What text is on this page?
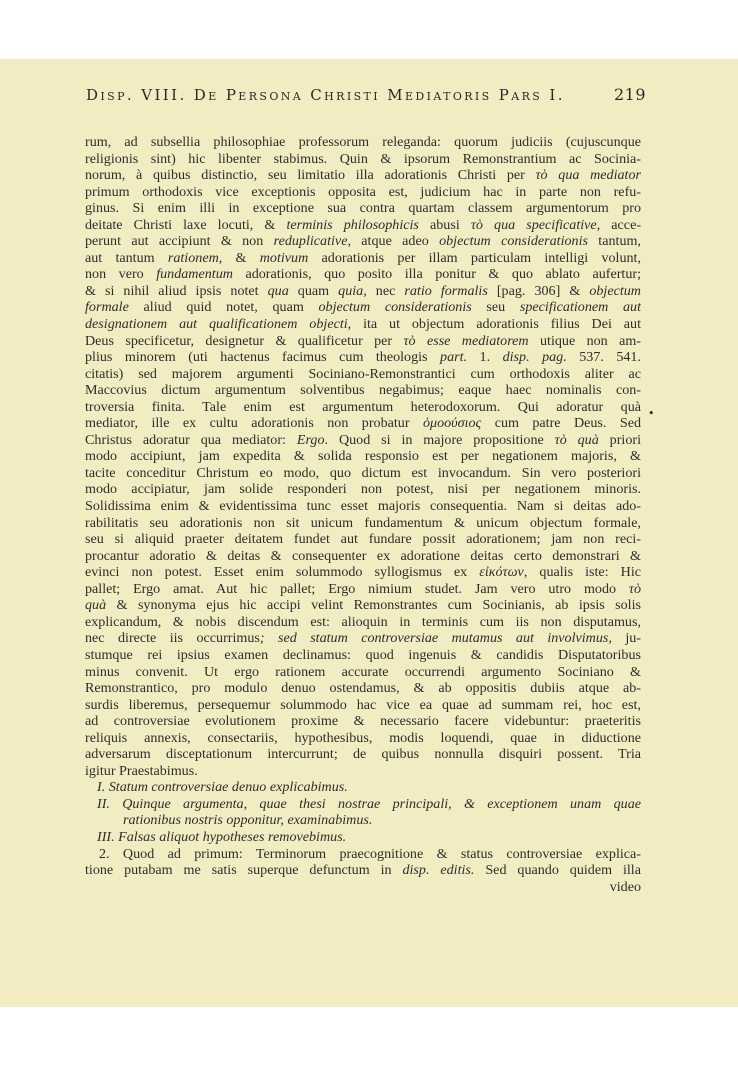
Disp. VIII. De Persona Christi Mediatoris Pars I.	219
rum, ad subsellia philosophiae professorum releganda: quorum judiciis (cujuscunque
religionis sint) hic libenter stabimus. Quin & ipsorum Remonstrantium ac Socinia-
norum, à quibus distinctio, seu limitatio illa adorationis Christi per τὸ qua mediator
primum orthodoxis vice exceptionis opposita est, judicium hac in parte non refu-
ginus. Si enim illi in exceptione sua contra quartam classem argumentorum pro
deitate Christi laxe locuti, & terminis philosophicis abusi τὸ qua specificative, acce-
perunt aut accipiunt & non reduplicative, atque adeo objectum considerationis tantum,
aut tantum rationem, & motivum adorationis per illam particulam intelligi volunt,
non vero fundamentum adorationis, quo posito illa ponitur & quo ablato aufertur;
& si nihil aliud ipsis notet qua quam quia, nec ratio formalis [pag. 306] & objectum
formale aliud quid notet, quam objectum considerationis seu specificationem aut
designationem aut qualificationem objecti, ita ut objectum adorationis filius Dei aut
Deus specificetur, designetur & qualificetur per τὸ esse mediatorem utique non am-
plius minorem (uti hactenus facimus cum theologis part. 1. disp. pag. 537. 541.
citatis) sed majorem argumenti Sociniano-Remonstrantici cum orthodoxis aliter ac
Maccovius dictum argumentum solventibus negabimus; eaque haec nominalis con-
troversia finita. Tale enim est argumentum heterodoxorum. Qui adoratur quà
mediator, ille ex cultu adorationis non probatur ὁμοούσιος cum patre Deus. Sed
Christus adoratur qua mediator: Ergo. Quod si in majore propositione τὸ quà priori
modo accipiunt, jam expedita & solida responsio est per negationem majoris, &
tacite conceditur Christum eo modo, quo dictum est invocandum. Sin vero posteriori
modo accipiatur, jam solide responderi non potest, nisi per negationem minoris.
Solidissima enim & evidentissima tunc esset majoris consequentia. Nam si deitas ado-
rabilitatis seu adorationis non sit unicum fundamentum & unicum objectum formale,
seu si aliquid praeter deitatem fundet aut fundare possit adorationem; jam non reci-
procantur adoratio & deitas & consequenter ex adoratione deitas certo demonstrari &
evinci non potest. Esset enim solummodo syllogismus ex εἰκότων, qualis iste: Hic
pallet; Ergo amat. Aut hic pallet; Ergo nimium studet. Jam vero utro modo τὸ
quà & synonyma ejus hic accipi velint Remonstrantes cum Socinianis, ab ipsis solis
explicandum, & nobis discendum est: alioquin in terminis cum iis non disputamus,
nec directe iis occurrimus; sed statum controversiae mutamus aut involvimus, ju-
stumque rei ipsius examen declinamus: quod ingenuis & candidis Disputatoribus
minus convenit. Ut ergo rationem accurate occurrendi argumento Sociniano &
Remonstrantico, pro modulo denuo ostendamus, & ab oppositis dubiis atque ab-
surdis liberemus, persequemur solummodo hac vice ea quae ad summam rei, hoc est,
ad controversiae evolutionem proxime & necessario facere videbuntur: praeteritis
reliquis annexis, consectariis, hypothesibus, modis loquendi, quae in diductione
adversarum disceptationum intercurrunt; de quibus nonnulla disquiri possent. Tria
igitur Praestabimus.
I. Statum controversiae denuo explicabimus.
II. Quinque argumenta, quae thesi nostrae principali, & exceptionem unam quae
rationibus nostris opponitur, examinabimus.
III. Falsas aliquot hypotheses removebimus.
2. Quod ad primum: Terminorum praecognitione & status controversiae explica-
tione putabam me satis superque defunctum in disp. editis. Sed quando quidem illa
video
•
